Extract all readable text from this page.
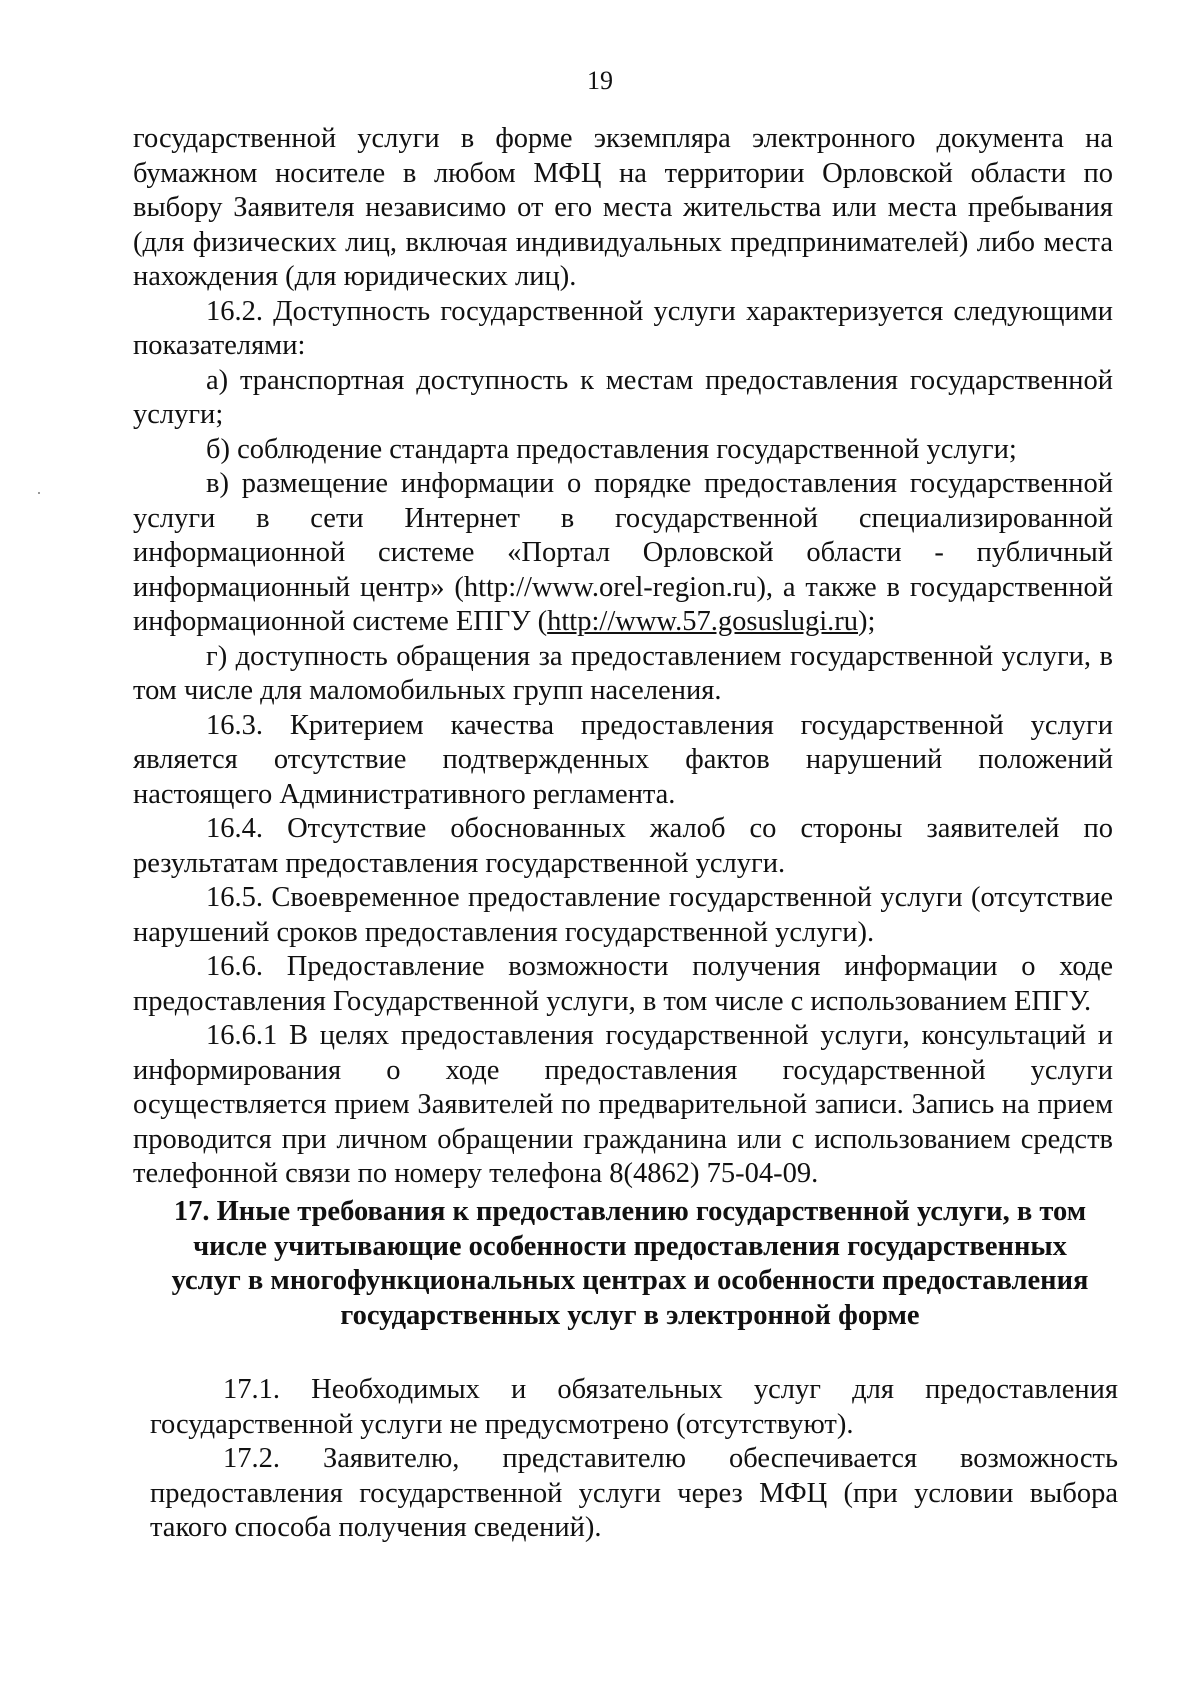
19

государственной услуги в форме экземпляра электронного документа на бумажном носителе в любом МФЦ на территории Орловской области по выбору Заявителя независимо от его места жительства или места пребывания (для физических лиц, включая индивидуальных предпринимателей) либо места нахождения (для юридических лиц).

16.2. Доступность государственной услуги характеризуется следующими показателями:

а) транспортная доступность к местам предоставления государственной услуги;

б) соблюдение стандарта предоставления государственной услуги;

в) размещение информации о порядке предоставления государственной услуги в сети Интернет в государственной специализированной информационной системе «Портал Орловской области - публичный информационный центр» (http://www.orel-region.ru), а также в государственной информационной системе ЕПГУ (http://www.57.gosuslugi.ru);

г) доступность обращения за предоставлением государственной услуги, в том числе для маломобильных групп населения.

16.3. Критерием качества предоставления государственной услуги является отсутствие подтвержденных фактов нарушений положений настоящего Административного регламента.

16.4. Отсутствие обоснованных жалоб со стороны заявителей по результатам предоставления государственной услуги.

16.5. Своевременное предоставление государственной услуги (отсутствие нарушений сроков предоставления государственной услуги).

16.6. Предоставление возможности получения информации о ходе предоставления Государственной услуги, в том числе с использованием ЕПГУ.

16.6.1 В целях предоставления государственной услуги, консультаций и информирования о ходе предоставления государственной услуги осуществляется прием Заявителей по предварительной записи. Запись на прием проводится при личном обращении гражданина или с использованием средств телефонной связи по номеру телефона 8(4862) 75-04-09.

17. Иные требования к предоставлению государственной услуги, в том числе учитывающие особенности предоставления государственных услуг в многофункциональных центрах и особенности предоставления государственных услуг в электронной форме

17.1. Необходимых и обязательных услуг для предоставления государственной услуги не предусмотрено (отсутствуют).

17.2. Заявителю, представителю обеспечивается возможность предоставления государственной услуги через МФЦ (при условии выбора такого способа получения сведений).
